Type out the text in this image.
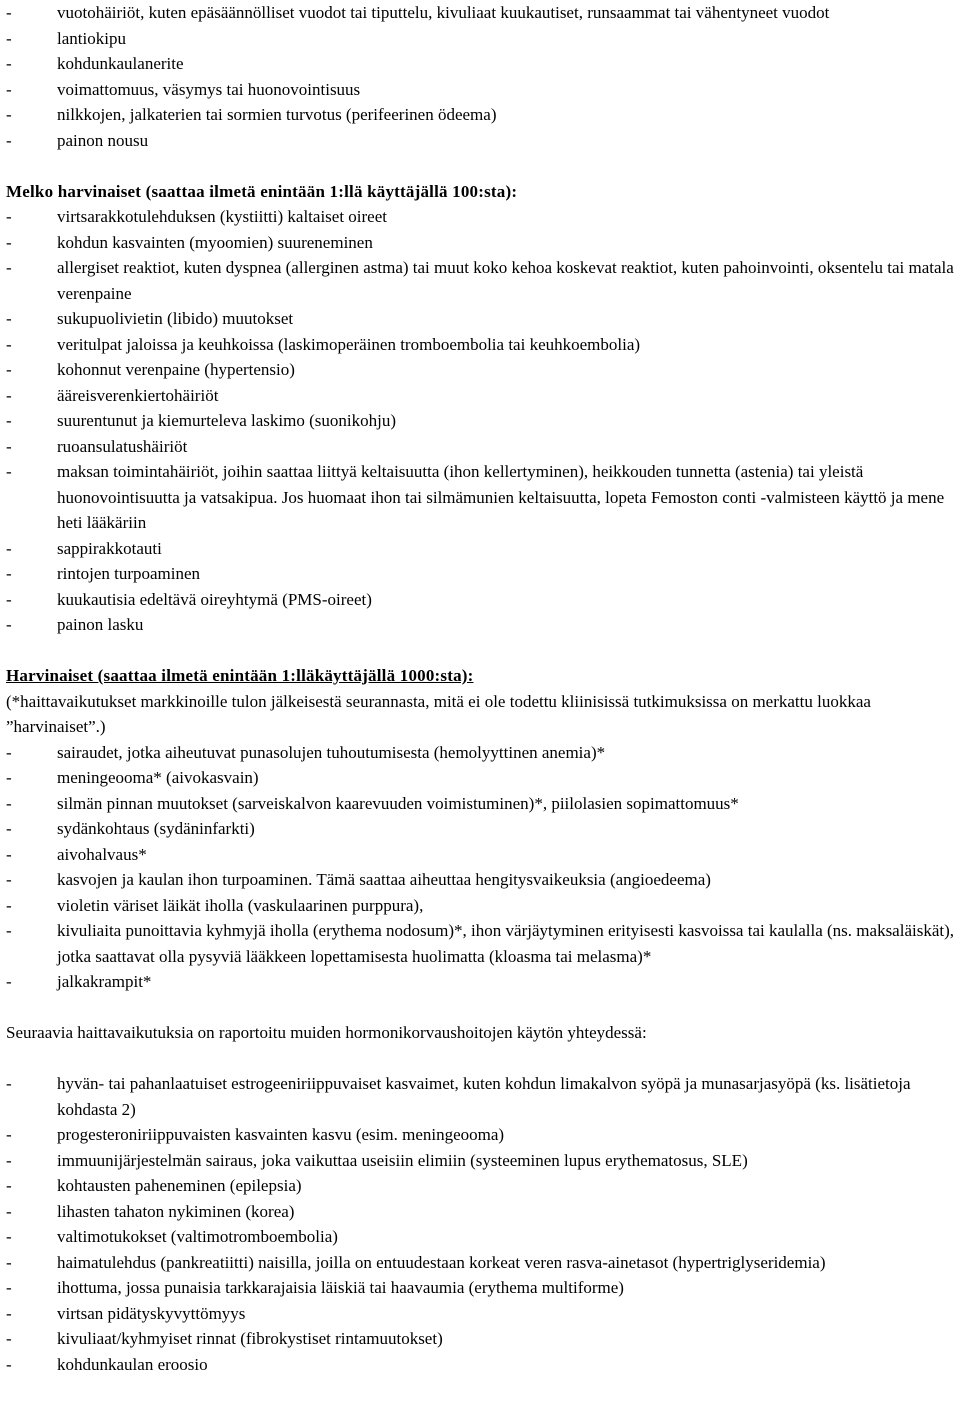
-	vuotohäiriöt, kuten epäsäännölliset vuodot tai tiputtelu, kivuliaat kuukautiset, runsaammat tai vähentyneet vuodot
-	lantiokipu
-	kohdunkaulanerite
-	voimattomuus, väsymys tai huonovointisuus
-	nilkkojen, jalkaterien tai sormien turvotus (perifeerinen ödeema)
-	painon nousu
Melko harvinaiset (saattaa ilmetä enintään 1:llä käyttäjällä 100:sta):
-	virtsarakkotulehduksen (kystiitti) kaltaiset oireet
-	kohdun kasvainten (myoomien) suureneminen
-	allergiset reaktiot, kuten dyspnea (allerginen astma) tai muut koko kehoa koskevat reaktiot, kuten pahoinvointi, oksentelu tai matala verenpaine
-	sukupuolivietin (libido) muutokset
-	veritulpat jaloissa ja keuhkoissa (laskimoperäinen tromboembolia tai keuhkoembolia)
-	kohonnut verenpaine (hypertensio)
-	ääreisverenkiertohäiriöt
-	suurentunut ja kiemurteleva laskimo (suonikohju)
-	ruoansulatushäiriöt
-	maksan toimintahäiriöt, joihin saattaa liittyä keltaisuutta (ihon kellertyminen), heikkouden tunnetta (astenia) tai yleistä huonovointisuutta ja vatsakipua. Jos huomaat ihon tai silmämunien keltaisuutta, lopeta Femoston conti -valmisteen käyttö ja mene heti lääkäriin
-	sappirakkotauti
-	rintojen turpoaminen
-	kuukautisia edeltävä oireyhtymä (PMS-oireet)
-	painon lasku
Harvinaiset (saattaa ilmetä enintään 1:lläkäyttäjällä 1000:sta):
(*haittavaikutukset markkinoille tulon jälkeisestä seurannasta, mitä ei ole todettu kliinisissä tutkimuksissa on merkattu luokkaa ”harvinaiset”.)
-	sairaudet, jotka aiheutuvat punasolujen tuhoutumisesta (hemolyyttinen anemia)*
-	meningeooma* (aivokasvain)
-	silmän pinnan muutokset (sarveiskalvon kaarevuuden voimistuminen)*, piilolasien sopimattomuus*
-	sydänkohtaus (sydäninfarkti)
-	aivohalvaus*
-	kasvojen ja kaulan ihon turpoaminen. Tämä saattaa aiheuttaa hengitysvaikeuksia (angioedeema)
-	violetin väriset läikät iholla (vaskulaarinen purppura),
-	kivuliaita punoittavia kyhmyjä iholla (erythema nodosum)*, ihon värjäytyminen erityisesti kasvoissa tai kaulalla (ns. maksaläiskät), jotka saattavat olla pysyviä lääkkeen lopettamisesta huolimatta (kloasma tai melasma)*
-	jalkakrampit*
Seuraavia haittavaikutuksia on raportoitu muiden hormonikorvaushoitojen käytön yhteydessä:
-	hyvän- tai pahanlaatuiset estrogeeniriippuvaiset kasvaimet, kuten kohdun limakalvon syöpä ja munasarjasyöpä (ks. lisätietoja kohdasta 2)
-	progesteroniriippuvaisten kasvainten kasvu (esim. meningeooma)
-	immuunijärjestelmän sairaus, joka vaikuttaa useisiin elimiin (systeeminen lupus erythematosus, SLE)
-	kohtausten paheneminen (epilepsia)
-	lihasten tahaton nykiminen (korea)
-	valtimotukokset (valtimotromboembolia)
-	haimatulehdus (pankreatiitti) naisilla, joilla on entuudestaan korkeat veren rasva-ainetasot (hypertriglyseridemia)
-	ihottuma, jossa punaisia tarkkarajaisia läiskiä tai haavaumia (erythema multiforme)
-	virtsan pidätyskyvyttömyys
-	kivuliaat/kyhmyiset rinnat (fibrokystiset rintamuutokset)
-	kohdunkaulan eroosio
